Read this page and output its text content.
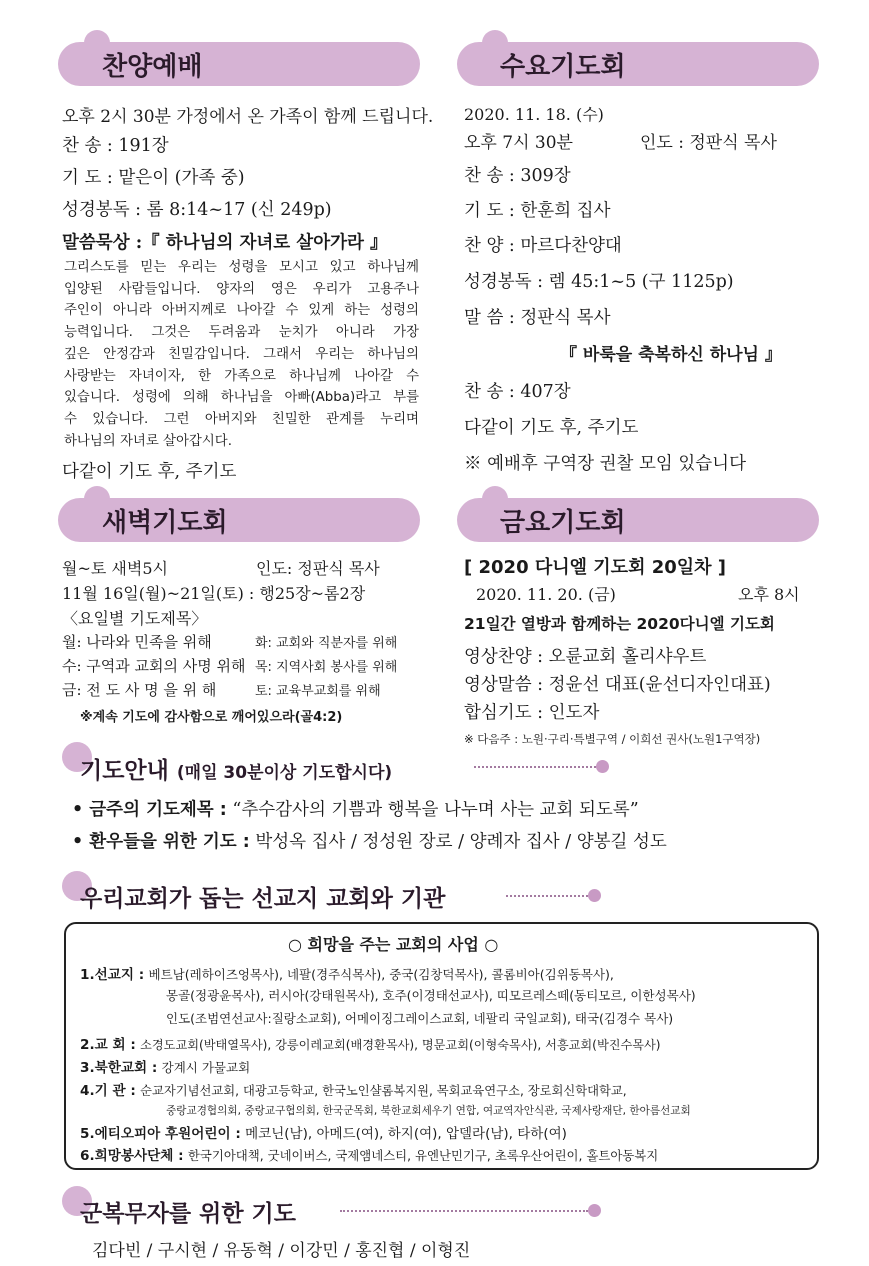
찬양예배
오후 2시 30분 가정에서 온 가족이 함께 드립니다.
찬 송 : 191장
기 도 : 맡은이 (가족 중)
성경봉독 : 롬 8:14~17 (신 249p)
말씀묵상 :『 하나님의 자녀로 살아가라 』
그리스도를 믿는 우리는 성령을 모시고 있고 하나님께
입양된 사람들입니다. 양자의 영은 우리가 고용주나
주인이 아니라 아버지께로 나아갈 수 있게 하는 성령의
능력입니다. 그것은 두려움과 눈치가 아니라 가장
깊은 안정감과 친밀감입니다. 그래서 우리는 하나님의
사랑받는 자녀이자, 한 가족으로 하나님께 나아갈 수
있습니다. 성령에 의해 하나님을 아빠(Abba)라고 부를
수 있습니다. 그런 아버지와 친밀한 관계를 누리며
하나님의 자녀로 살아갑시다.
다같이 기도 후, 주기도
수요기도회
2020. 11. 18. (수)
오후 7시 30분	인도 : 정판식 목사
찬 송 : 309장
기 도 : 한훈희 집사
찬 양 : 마르다찬양대
성경봉독 : 렘 45:1~5 (구 1125p)
말 씀 : 정판식 목사
『 바룩을 축복하신 하나님 』
찬 송 : 407장
다같이 기도 후, 주기도
※ 예배후 구역장 권찰 모임 있습니다
새벽기도회
월~토 새벽5시	인도: 정판식 목사
11월 16일(월)~21일(토) : 행25장~롬2장
〈요일별 기도제목〉
월: 나라와 민족을 위해	화: 교회와 직분자를 위해
수: 구역과 교회의 사명 위해 목: 지역사회 봉사를 위해
금: 전 도 사 명 을 위 해	토: 교육부교회를 위해
※계속 기도에 감사함으로 깨어있으라(골4:2)
금요기도회
[ 2020 다니엘 기도회 20일차 ]
2020. 11. 20. (금)	오후 8시
21일간 열방과 함께하는 2020다니엘 기도회
영상찬양 : 오륜교회 홀리샤우트
영상말씀 : 정윤선 대표(윤선디자인대표)
합심기도 : 인도자
※ 다음주 : 노원·구리·특별구역 / 이희선 권사(노원1구역장)
기도안내 (매일 30분이상 기도합시다)
• 금주의 기도제목 : “추수감사의 기쁨과 행복을 나누며 사는 교회 되도록”
• 환우들을 위한 기도 : 박성옥 집사 / 정성원 장로 / 양례자 집사 / 양봉길 성도
우리교회가 돕는 선교지 교회와 기관
○ 희망을 주는 교회의 사업 ○
1.선교지 : 베트남(레하이즈엉목사), 네팔(경주식목사), 중국(김창덕목사), 콜롬비아(김위동목사),
몽골(정광윤목사), 러시아(강태원목사), 호주(이경태선교사), 띠모르레스떼(동티모르, 이한성목사)
인도(조범연선교사:질랑소교회), 어메이징그레이스교회, 네팔리 국일교회), 태국(김경수 목사)
2.교 회 : 소경도교회(박태열목사), 강릉이레교회(배경환목사), 명문교회(이형숙목사), 서흥교회(박진수목사)
3.북한교회 : 강계시 가물교회
4.기 관 : 순교자기념선교회, 대광고등학교, 한국노인샬롬복지원, 목회교육연구소, 장로회신학대학교,
중랑교경협의회, 중랑교구협의회, 한국군목회, 북한교회세우기 연합, 여교역자안식관, 국제사랑재단, 한아름선교회
5.에티오피아 후원어린이 : 메코닌(남), 아메드(여), 하지(여), 압델라(남), 타하(여)
6.희망봉사단체 : 한국기아대책, 굿네이버스, 국제앰네스티, 유엔난민기구, 초록우산어린이, 홀트아동복지
군복무자를 위한 기도
김다빈 / 구시현 / 유동혁 / 이강민 / 홍진협 / 이형진
